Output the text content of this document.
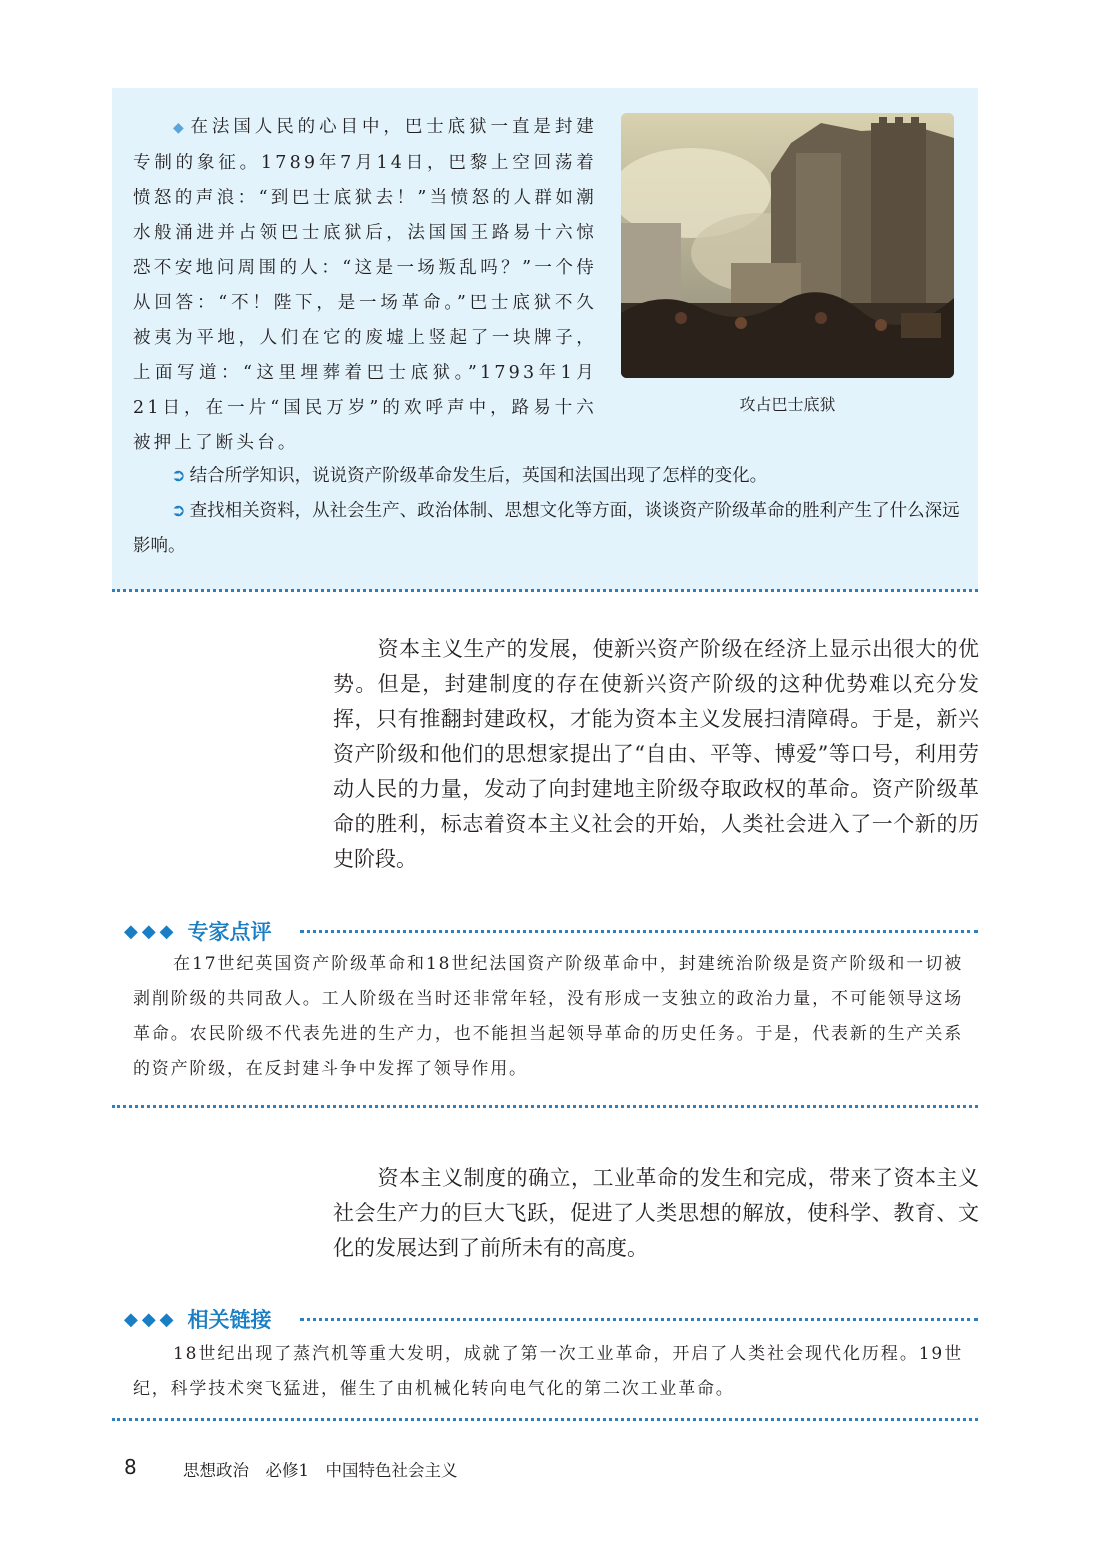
◆ 在法国人民的心目中，巴士底狱一直是封建专制的象征。1789年7月14日，巴黎上空回荡着愤怒的声浪：“到巴士底狱去！”当愤怒的人群如潮水般涌进并占领巴士底狱后，法国国王路易十六惊恐不安地问周围的人：“这是一场叛乱吗？”一个侍从回答：“不！陛下，是一场革命。”巴士底狱不久被夷为平地，人们在它的废墟上竖起了一块牌子，上面写道：“这里埋葬着巴士底狱。”1793年1月21日，在一片“国民万岁”的欢呼声中，路易十六被押上了断头台。
攻占巴士底狱
➲ 结合所学知识，说说资产阶级革命发生后，英国和法国出现了怎样的变化。
➲ 查找相关资料，从社会生产、政治体制、思想文化等方面，谈谈资产阶级革命的胜利产生了什么深远影响。
资本主义生产的发展，使新兴资产阶级在经济上显示出很大的优势。但是，封建制度的存在使新兴资产阶级的这种优势难以充分发挥，只有推翻封建政权，才能为资本主义发展扫清障碍。于是，新兴资产阶级和他们的思想家提出了“自由、平等、博爱”等口号，利用劳动人民的力量，发动了向封建地主阶级夺取政权的革命。资产阶级革命的胜利，标志着资本主义社会的开始，人类社会进入了一个新的历史阶段。
◆◆◆ 专家点评
在17世纪英国资产阶级革命和18世纪法国资产阶级革命中，封建统治阶级是资产阶级和一切被剥削阶级的共同敌人。工人阶级在当时还非常年轻，没有形成一支独立的政治力量，不可能领导这场革命。农民阶级不代表先进的生产力，也不能担当起领导革命的历史任务。于是，代表新的生产关系的资产阶级，在反封建斗争中发挥了领导作用。
资本主义制度的确立，工业革命的发生和完成，带来了资本主义社会生产力的巨大飞跃，促进了人类思想的解放，使科学、教育、文化的发展达到了前所未有的高度。
◆◆◆ 相关链接
18世纪出现了蒸汽机等重大发明，成就了第一次工业革命，开启了人类社会现代化历程。19世纪，科学技术突飞猛进，催生了由机械化转向电气化的第二次工业革命。
8	思想政治　必修1　中国特色社会主义
